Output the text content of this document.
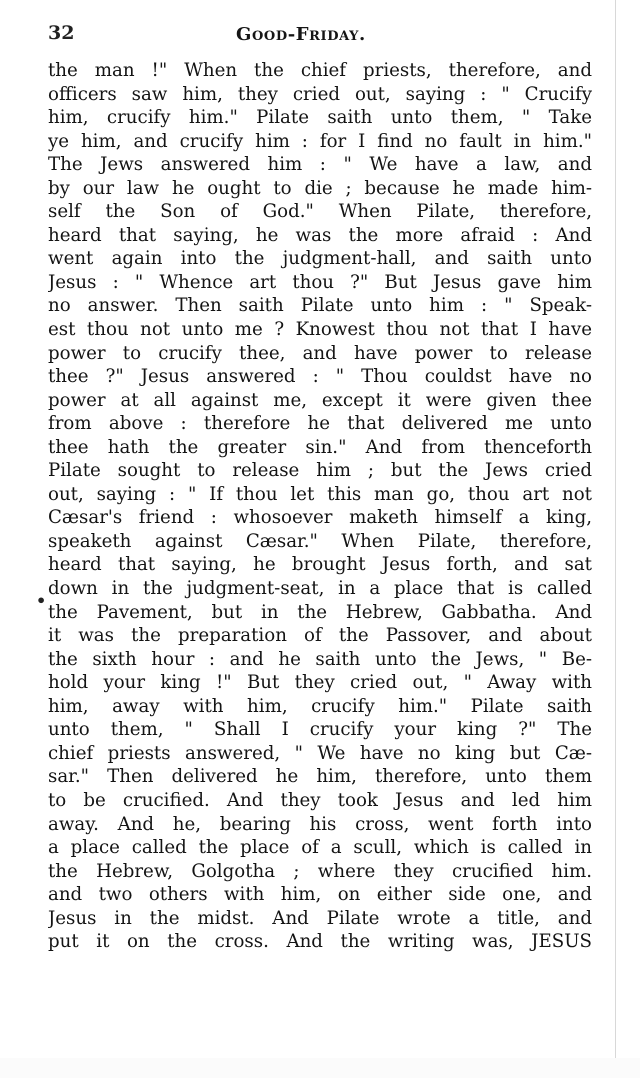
32	Good-Friday.
•
the man !" When the chief priests, therefore, and
officers saw him, they cried out, saying : " Crucify
him, crucify him." Pilate saith unto them, " Take
ye him, and crucify him : for I find no fault in him."
The Jews answered him : " We have a law, and
by our law he ought to die ; because he made him-
self the Son of God." When Pilate, therefore,
heard that saying, he was the more afraid : And
went again into the judgment-hall, and saith unto
Jesus : " Whence art thou ?" But Jesus gave him
no answer. Then saith Pilate unto him : " Speak-
est thou not unto me ? Knowest thou not that I have
power to crucify thee, and have power to release
thee ?" Jesus answered : " Thou couldst have no
power at all against me, except it were given thee
from above : therefore he that delivered me unto
thee hath the greater sin." And from thenceforth
Pilate sought to release him ; but the Jews cried
out, saying : " If thou let this man go, thou art not
Cæsar's friend : whosoever maketh himself a king,
speaketh against Cæsar." When Pilate, therefore,
heard that saying, he brought Jesus forth, and sat
down in the judgment-seat, in a place that is called
the Pavement, but in the Hebrew, Gabbatha. And
it was the preparation of the Passover, and about
the sixth hour : and he saith unto the Jews, " Be-
hold your king !" But they cried out, " Away with
him, away with him, crucify him." Pilate saith
unto them, " Shall I crucify your king ?" The
chief priests answered, " We have no king but Cæ-
sar." Then delivered he him, therefore, unto them
to be crucified. And they took Jesus and led him
away. And he, bearing his cross, went forth into
a place called the place of a scull, which is called in
the Hebrew, Golgotha ; where they crucified him.
and two others with him, on either side one, and
Jesus in the midst. And Pilate wrote a title, and
put it on the cross. And the writing was, JESUS
